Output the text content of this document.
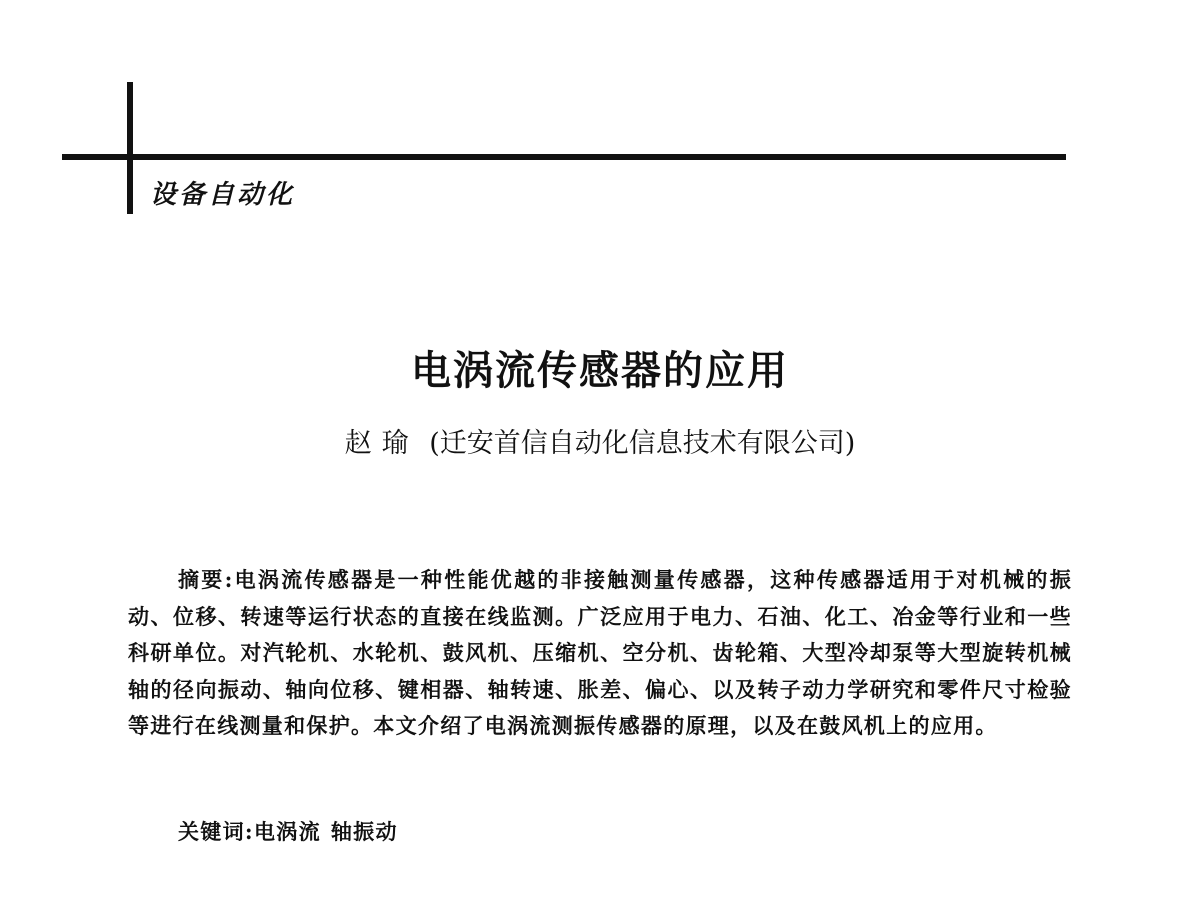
设备自动化
电涡流传感器的应用
赵瑜 (迁安首信自动化信息技术有限公司)

摘要:电涡流传感器是一种性能优越的非接触测量传感器，这种传感器适用于对机械的振动、位移、转速等运行状态的直接在线监测。广泛应用于电力、石油、化工、冶金等行业和一些科研单位。对汽轮机、水轮机、鼓风机、压缩机、空分机、齿轮箱、大型冷却泵等大型旋转机械轴的径向振动、轴向位移、键相器、轴转速、胀差、偏心、以及转子动力学研究和零件尺寸检验等进行在线测量和保护。本文介绍了电涡流测振传感器的原理，以及在鼓风机上的应用。

关键词:电涡流 轴振动
